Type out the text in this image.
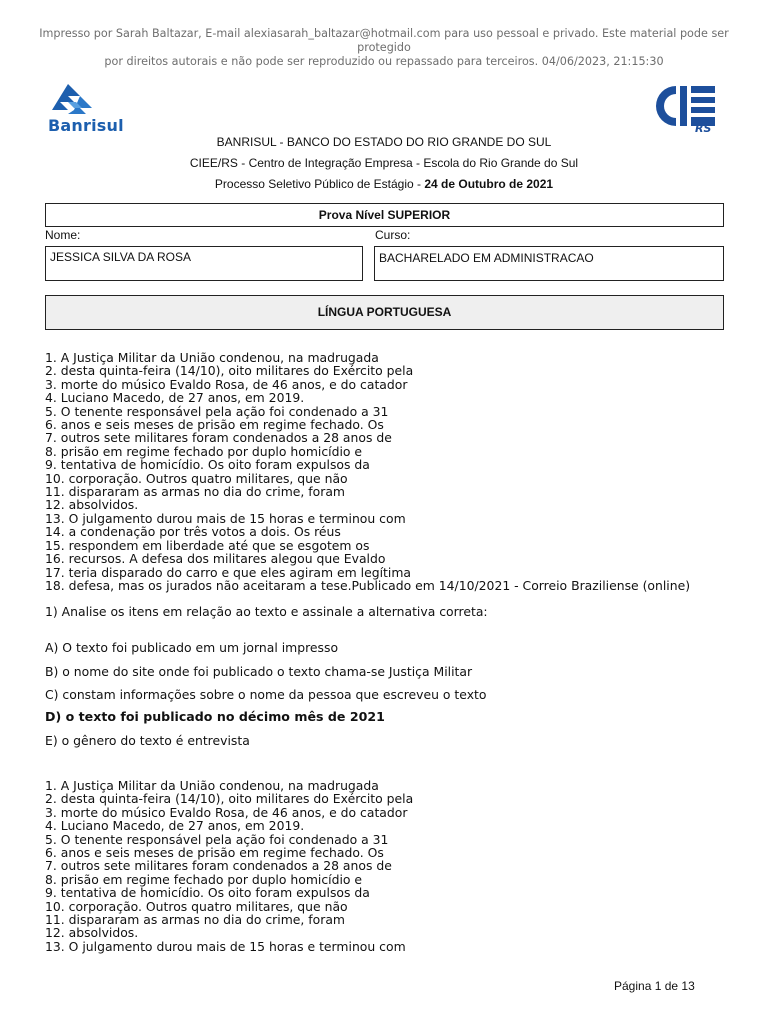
Impresso por Sarah Baltazar, E-mail alexiasarah_baltazar@hotmail.com para uso pessoal e privado. Este material pode ser protegido
por direitos autorais e não pode ser reproduzido ou repassado para terceiros. 04/06/2023, 21:15:30
Banrisul	RS
BANRISUL - BANCO DO ESTADO DO RIO GRANDE DO SUL
CIEE/RS - Centro de Integração Empresa - Escola do Rio Grande do Sul
Processo Seletivo Público de Estágio - 24 de Outubro de 2021
Prova Nível SUPERIOR
Nome:	Curso:
JESSICA SILVA DA ROSA	BACHARELADO EM ADMINISTRACAO
LÍNGUA PORTUGUESA
1. A Justiça Militar da União condenou, na madrugada
2. desta quinta-feira (14/10), oito militares do Exército pela
3. morte do músico Evaldo Rosa, de 46 anos, e do catador
4. Luciano Macedo, de 27 anos, em 2019.
5. O tenente responsável pela ação foi condenado a 31
6. anos e seis meses de prisão em regime fechado. Os
7. outros sete militares foram condenados a 28 anos de
8. prisão em regime fechado por duplo homicídio e
9. tentativa de homicídio. Os oito foram expulsos da
10. corporação. Outros quatro militares, que não
11. dispararam as armas no dia do crime, foram
12. absolvidos.
13. O julgamento durou mais de 15 horas e terminou com
14. a condenação por três votos a dois. Os réus
15. respondem em liberdade até que se esgotem os
16. recursos. A defesa dos militares alegou que Evaldo
17. teria disparado do carro e que eles agiram em legítima
18. defesa, mas os jurados não aceitaram a tese.Publicado em 14/10/2021 - Correio Braziliense (online)
1) Analise os itens em relação ao texto e assinale a alternativa correta:
A) O texto foi publicado em um jornal impresso
B) o nome do site onde foi publicado o texto chama-se Justiça Militar
C) constam informações sobre o nome da pessoa que escreveu o texto
D) o texto foi publicado no décimo mês de 2021
E) o gênero do texto é entrevista
1. A Justiça Militar da União condenou, na madrugada
2. desta quinta-feira (14/10), oito militares do Exército pela
3. morte do músico Evaldo Rosa, de 46 anos, e do catador
4. Luciano Macedo, de 27 anos, em 2019.
5. O tenente responsável pela ação foi condenado a 31
6. anos e seis meses de prisão em regime fechado. Os
7. outros sete militares foram condenados a 28 anos de
8. prisão em regime fechado por duplo homicídio e
9. tentativa de homicídio. Os oito foram expulsos da
10. corporação. Outros quatro militares, que não
11. dispararam as armas no dia do crime, foram
12. absolvidos.
13. O julgamento durou mais de 15 horas e terminou com
Página 1 de 13
